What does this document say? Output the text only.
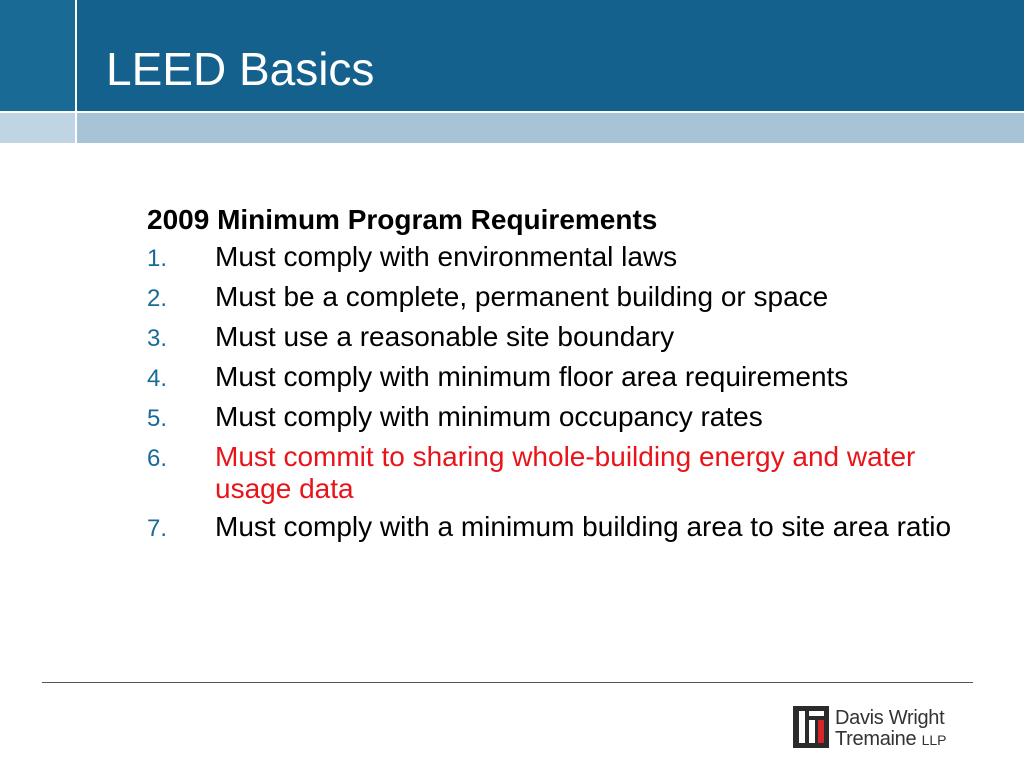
LEED Basics
2009 Minimum Program Requirements
1.	Must comply with environmental laws
2.	Must be a complete, permanent building or space
3.	Must use a reasonable site boundary
4.	Must comply with minimum floor area requirements
5.	Must comply with minimum occupancy rates
6.	Must commit to sharing whole-building energy and water usage data
7.	Must comply with a minimum building area to site area ratio
Davis Wright
Tremaine LLP
